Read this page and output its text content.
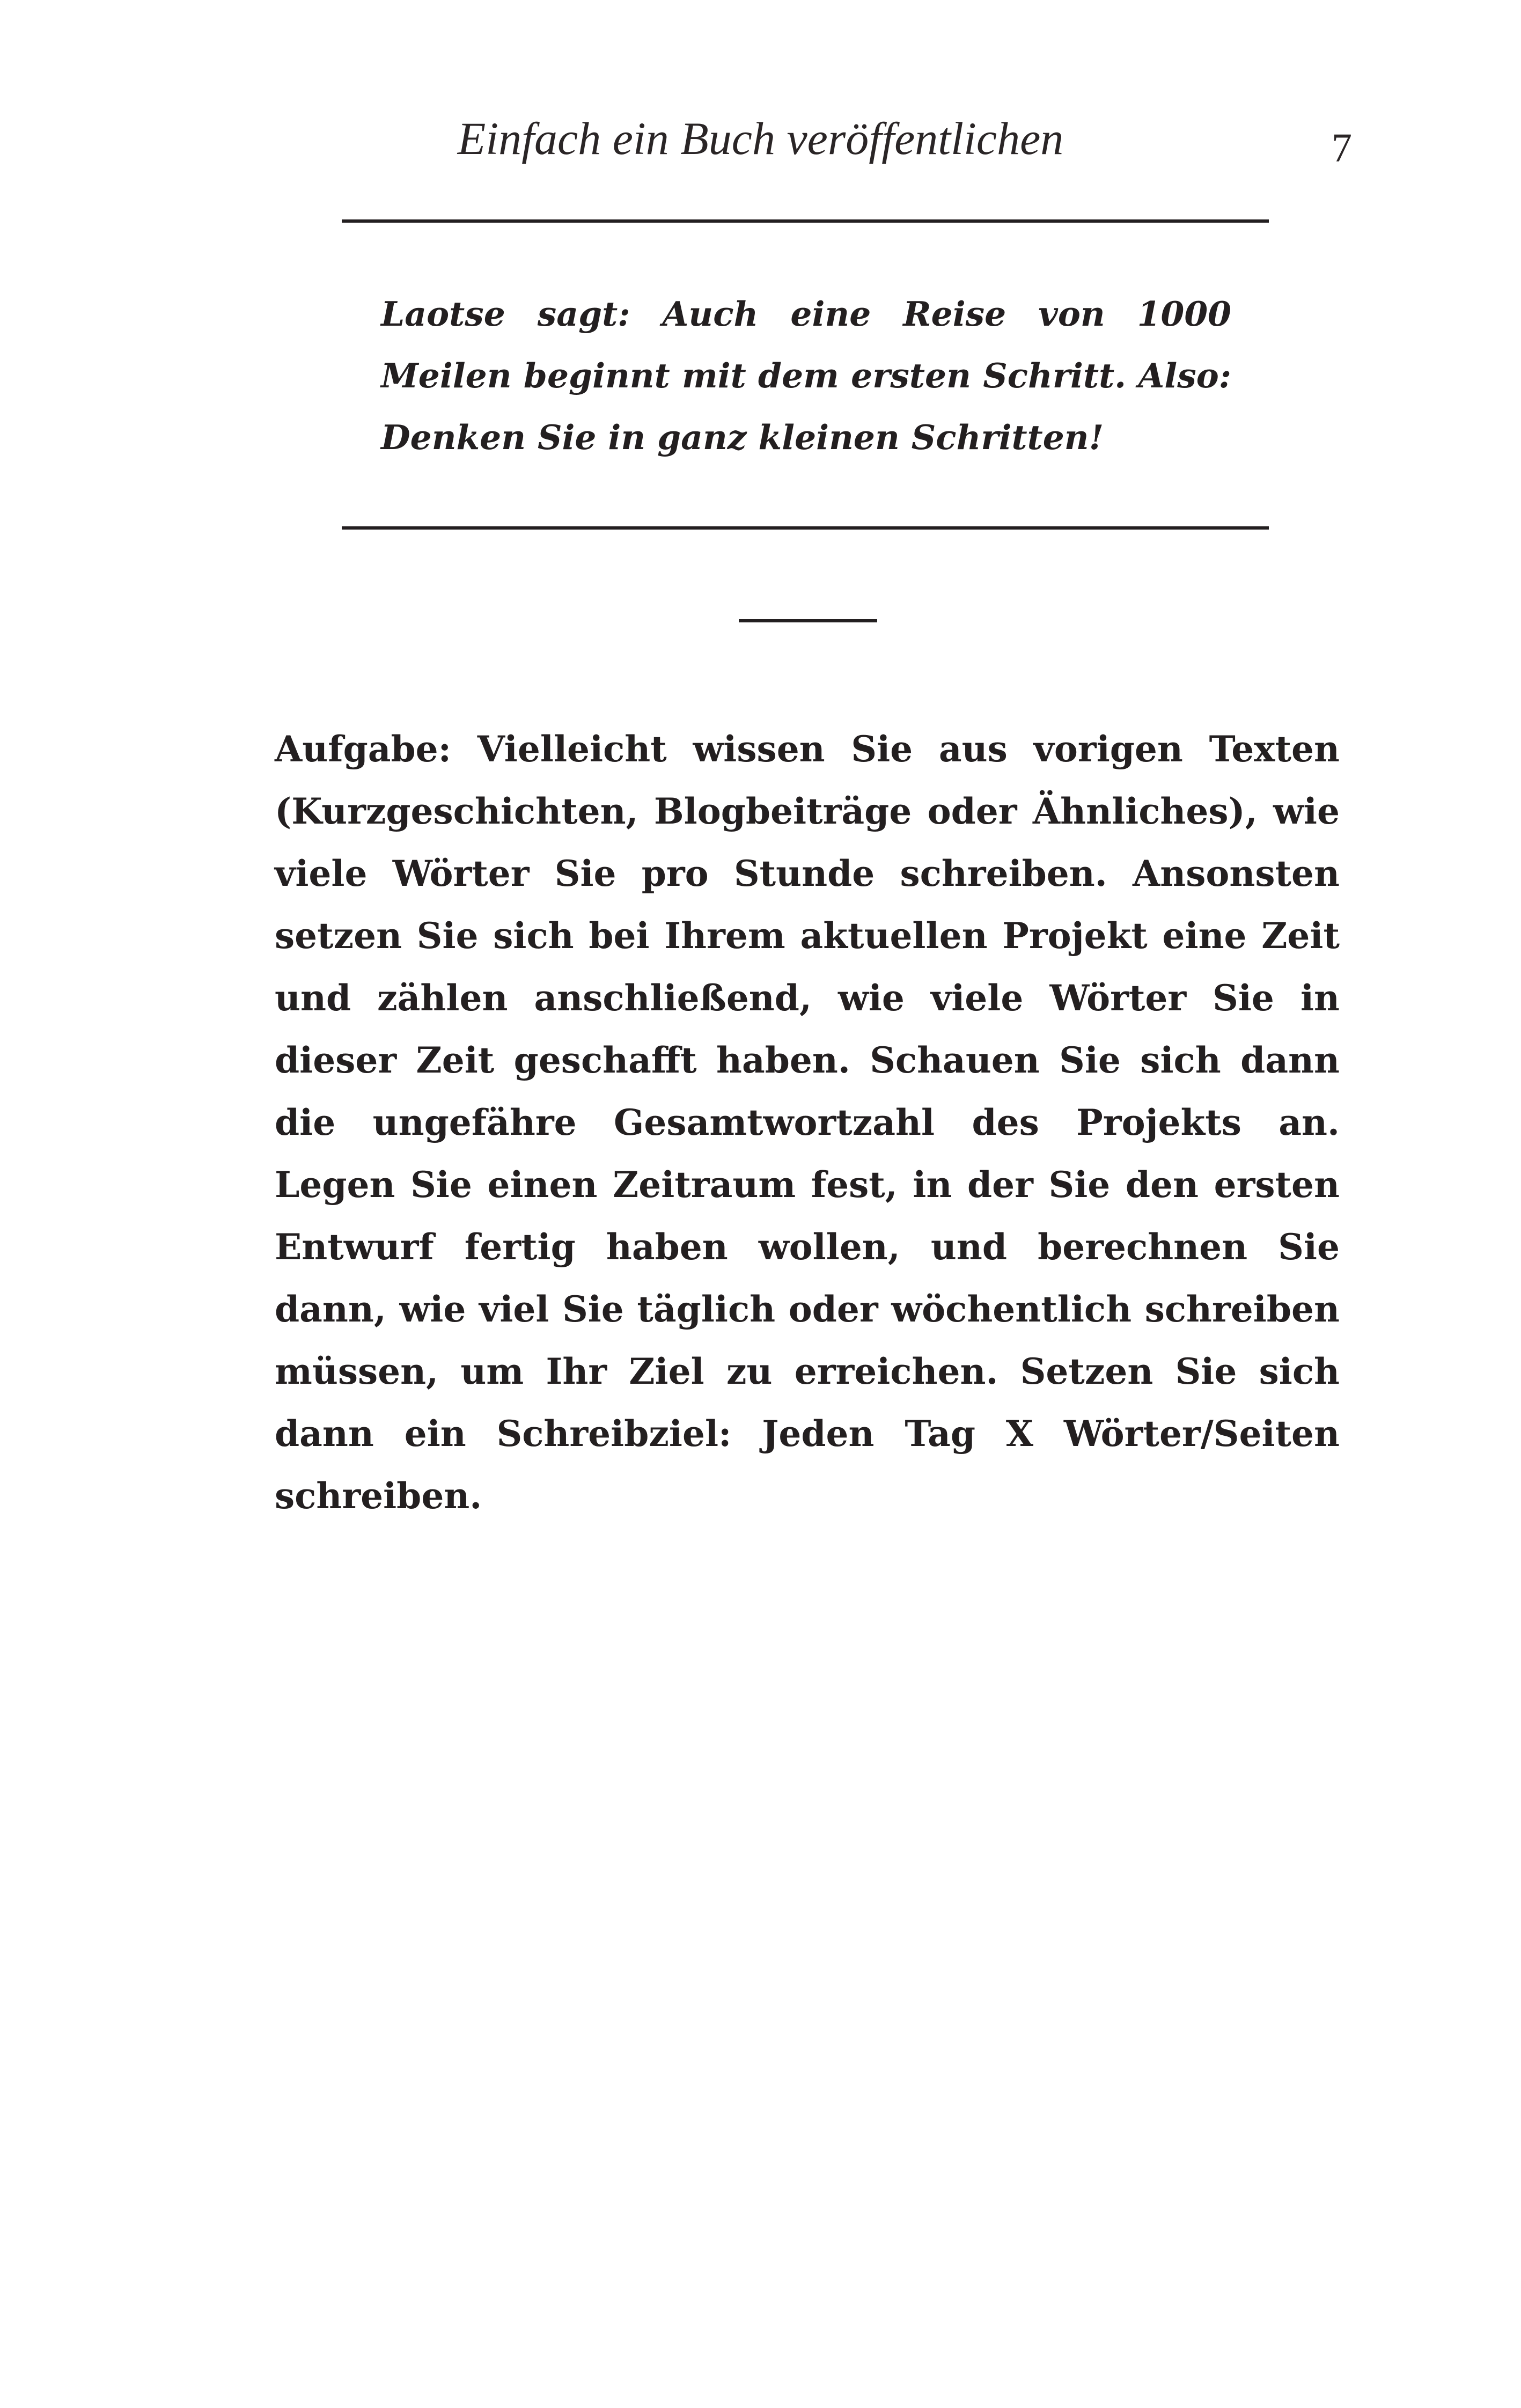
Einfach ein Buch veröffentlichen	7

Laotse sagt: Auch eine Reise von 1000 Meilen beginnt mit dem ersten Schritt. Also: Denken Sie in ganz kleinen Schritten!

Aufgabe: Vielleicht wissen Sie aus vorigen Texten (Kurzgeschichten, Blogbeiträge oder Ähnliches), wie viele Wörter Sie pro Stunde schreiben. Ansonsten setzen Sie sich bei Ihrem aktuellen Projekt eine Zeit und zählen anschließend, wie viele Wörter Sie in dieser Zeit geschafft haben. Schauen Sie sich dann die ungefähre Gesamtwortzahl des Projekts an. Legen Sie einen Zeitraum fest, in der Sie den ersten Entwurf fertig haben wollen, und berechnen Sie dann, wie viel Sie täglich oder wöchentlich schreiben müssen, um Ihr Ziel zu erreichen. Setzen Sie sich dann ein Schreibziel: Jeden Tag X Wörter/Seiten schreiben.
